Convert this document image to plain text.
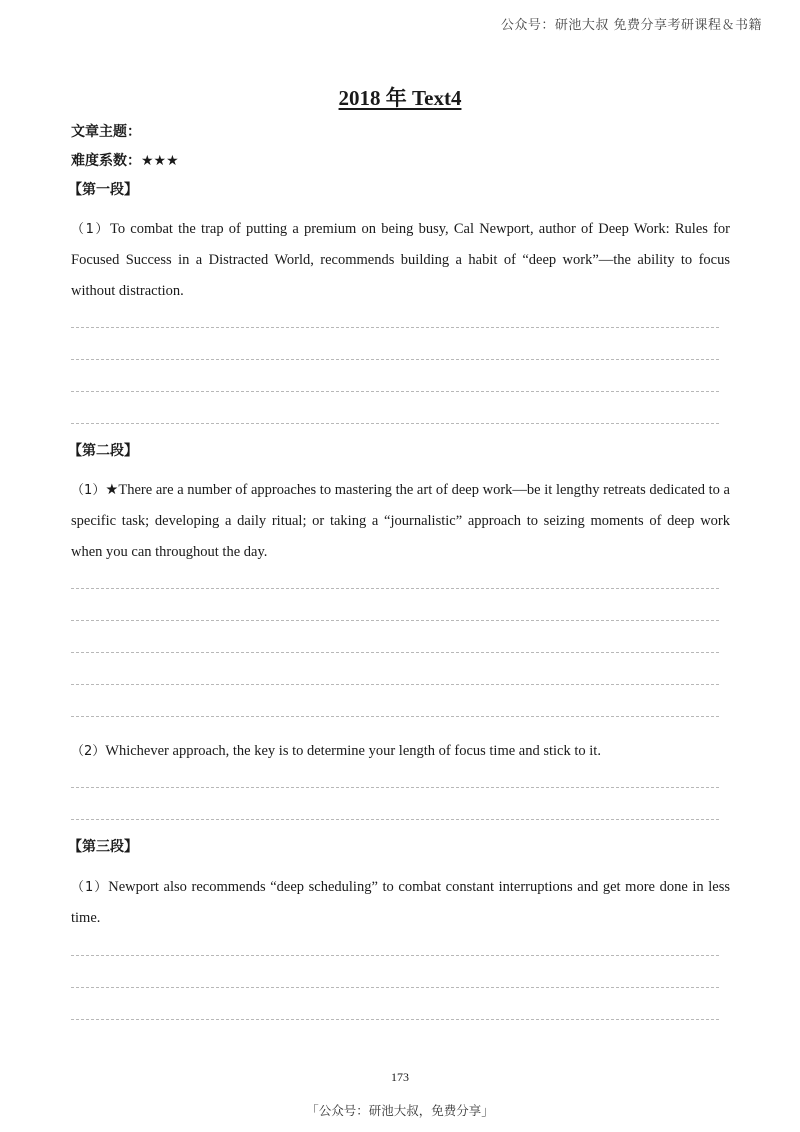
公众号：研池大叔 免费分享考研课程＆书籍
2018 年 Text4
文章主题：
难度系数：★★★
【第一段】

（1）To combat the trap of putting a premium on being busy, Cal Newport, author of Deep Work: Rules for Focused Success in a Distracted World, recommends building a habit of “deep work”—the ability to focus without distraction.

【第二段】

（1）★There are a number of approaches to mastering the art of deep work—be it lengthy retreats dedicated to a specific task; developing a daily ritual; or taking a “journalistic” approach to seizing moments of deep work when you can throughout the day.

（2）Whichever approach, the key is to determine your length of focus time and stick to it.

【第三段】

（1）Newport also recommends “deep scheduling” to combat constant interruptions and get more done in less time.

173
「公众号：研池大叔，免费分享」
